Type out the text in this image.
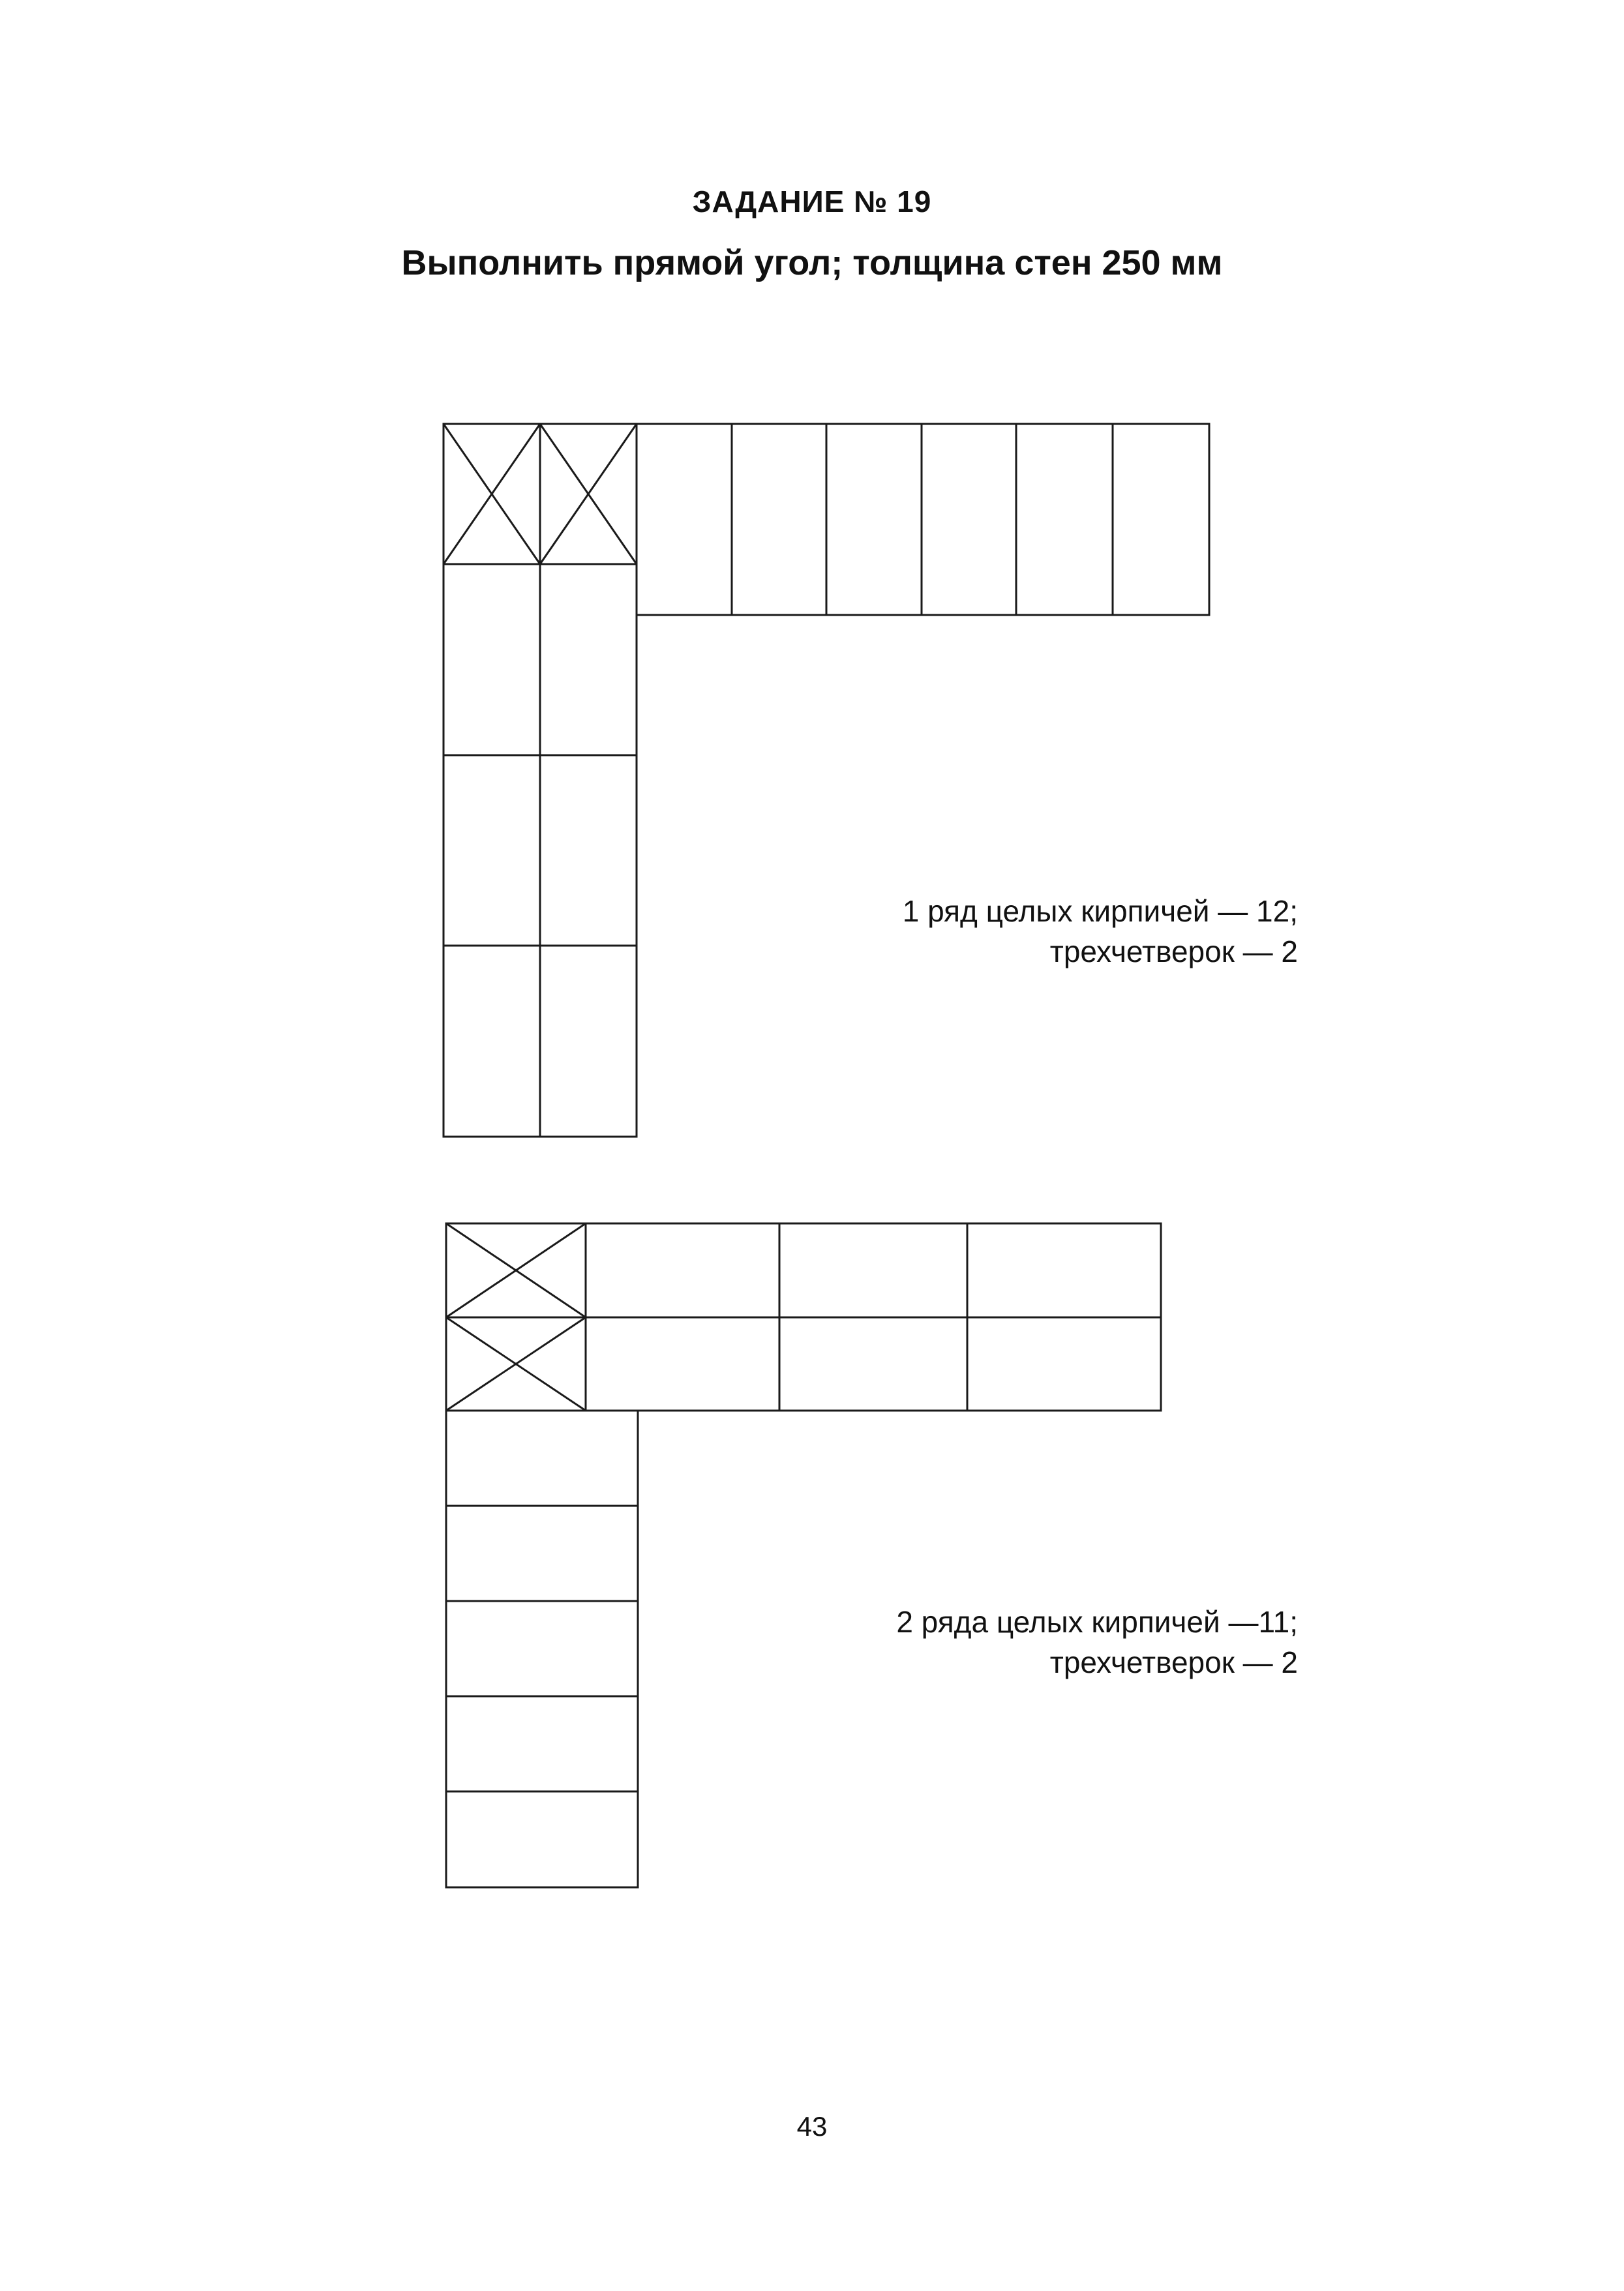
ЗАДАНИЕ № 19
Выполнить прямой угол; толщина стен 250 мм
1 ряд целых кирпичей — 12;
трехчетверок — 2
2 ряда целых кирпичей —11;
трехчетверок — 2
43
